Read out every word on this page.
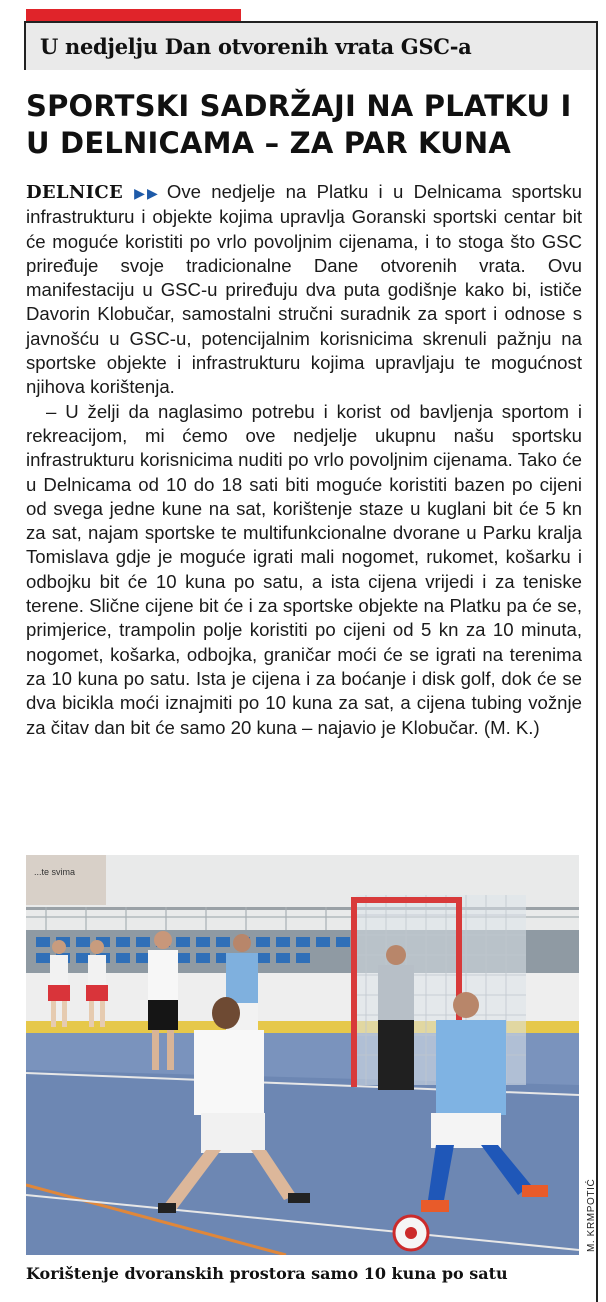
U nedjelju Dan otvorenih vrata GSC-a
SPORTSKI SADRŽAJI NA PLATKU I U DELNICAMA – ZA PAR KUNA

DELNICE ▶▶ Ove nedjelje na Platku i u Delnicama sportsku infrastrukturu i objekte kojima upravlja Goranski sportski centar bit će moguće koristiti po vrlo povoljnim cijenama, i to stoga što GSC priređuje svoje tradicionalne Dane otvorenih vrata. Ovu manifestaciju u GSC-u priređuju dva puta godišnje kako bi, ističe Davorin Klobučar, samostalni stručni suradnik za sport i odnose s javnošću u GSC-u, potencijalnim korisnicima skrenuli pažnju na sportske objekte i infrastrukturu kojima upravljaju te mogućnost njihova korištenja.

– U želji da naglasimo potrebu i korist od bavljenja sportom i rekreacijom, mi ćemo ove nedjelje ukupnu našu sportsku infrastrukturu korisnicima nuditi po vrlo povoljnim cijenama. Tako će u Delnicama od 10 do 18 sati biti moguće koristiti bazen po cijeni od svega jedne kune na sat, korištenje staze u kuglani bit će 5 kn za sat, najam sportske te multifunkcionalne dvorane u Parku kralja Tomislava gdje je moguće igrati mali nogomet, rukomet, košarku i odbojku bit će 10 kuna po satu, a ista cijena vrijedi i za teniske terene. Slične cijene bit će i za sportske objekte na Platku pa će se, primjerice, trampolin polje koristiti po cijeni od 5 kn za 10 minuta, nogomet, košarka, odbojka, graničar moći će se igrati na terenima za 10 kuna po satu. Ista je cijena i za boćanje i disk golf, dok će se dva bicikla moći iznajmiti po 10 kuna za sat, a cijena tubing vožnje za čitav dan bit će samo 20 kuna – najavio je Klobučar. (M. K.)

...te svima
M. KRMPOTIĆ
Korištenje dvoranskih prostora samo 10 kuna po satu
